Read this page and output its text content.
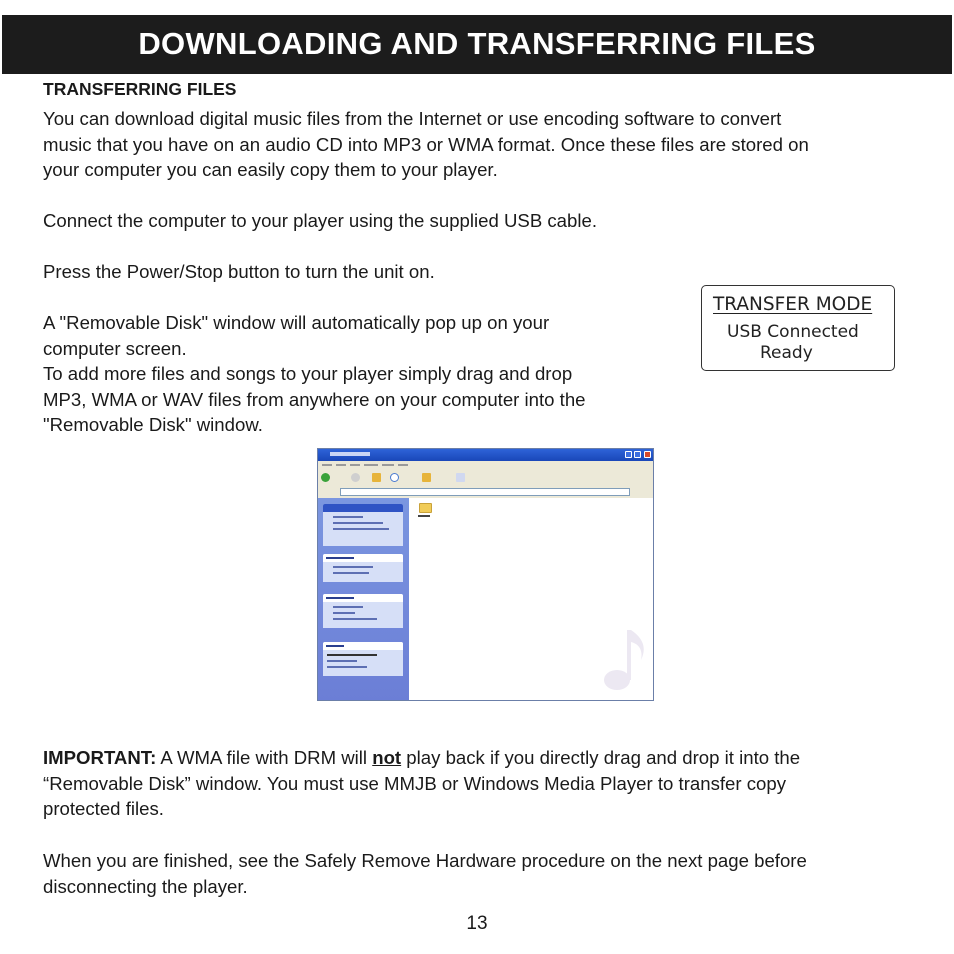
DOWNLOADING AND TRANSFERRING FILES
TRANSFERRING FILES
You can download digital music files from the Internet or use encoding software to convert
music that you have on an audio CD into MP3 or WMA format. Once these files are stored on
your computer you can easily copy them to your player.
Connect the computer to your player using the supplied USB cable.
Press the Power/Stop button to turn the unit on.
A "Removable Disk" window will automatically pop up on your
computer screen.
To add more files and songs to your player simply drag and drop
MP3, WMA or WAV files from anywhere on your computer into the
"Removable Disk" window.
TRANSFER MODE
USB Connected
Ready
IMPORTANT: A WMA file with DRM will not play back if you directly drag and drop it into the
“Removable Disk” window. You must use MMJB or Windows Media Player to transfer copy
protected files.
When you are finished, see the Safely Remove Hardware procedure on the next page before
disconnecting the player.
13
